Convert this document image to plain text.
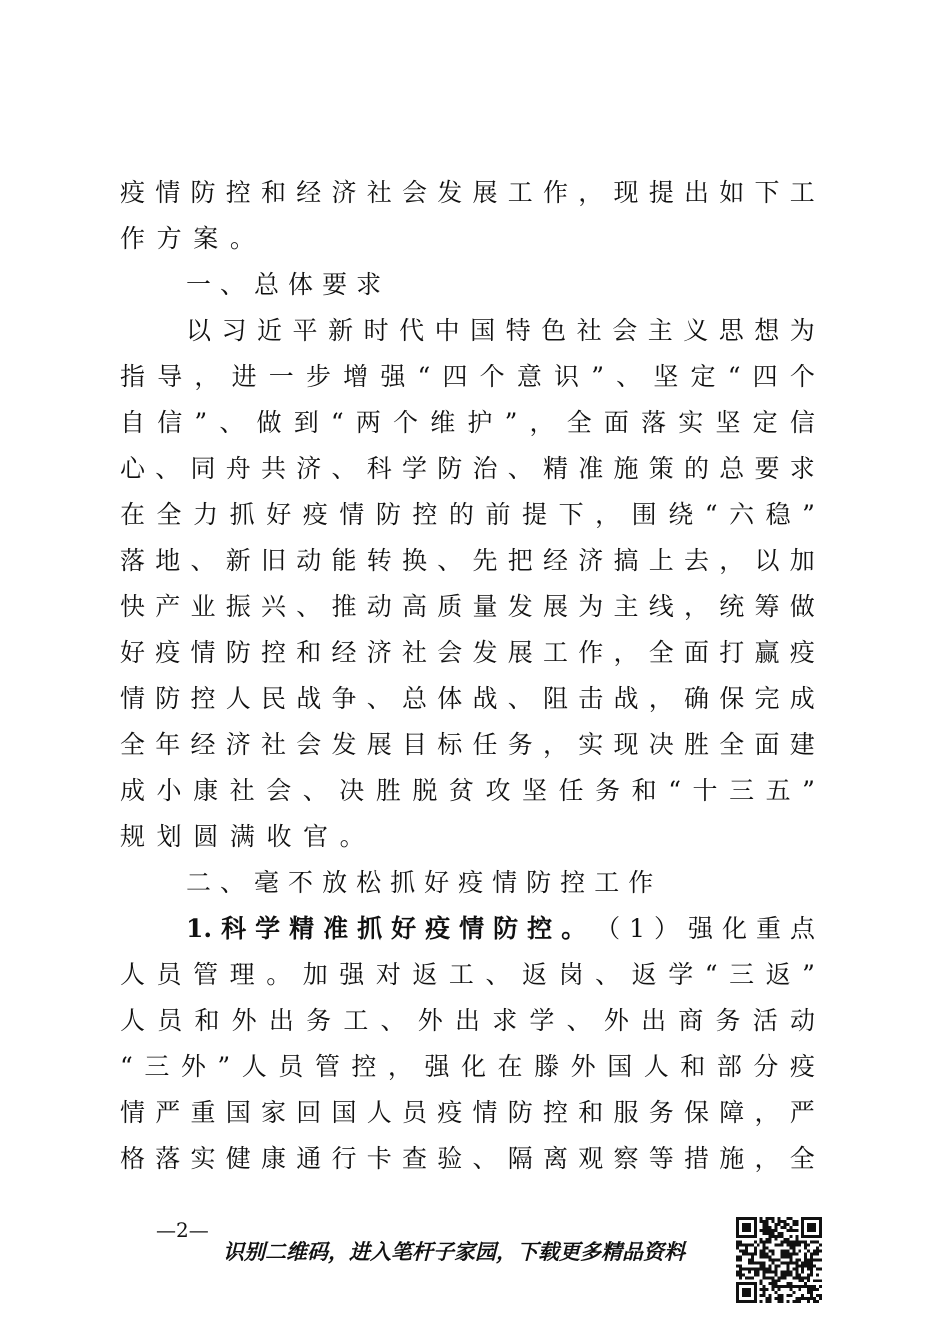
疫 情 防 控 和 经 济 社 会 发 展 工 作 ， 现 提 出 如 下 工
作 方 案 。
一 、 总 体 要 求
以 习 近 平 新 时 代 中 国 特 色 社 会 主 义 思 想 为
指 导 ， 进 一 步 增 强 “ 四 个 意 识 ” 、 坚 定 “ 四 个
自 信 ” 、 做 到 “ 两 个 维 护 ” ， 全 面 落 实 坚 定 信
心 、 同 舟 共 济 、 科 学 防 治 、 精 准 施 策 的 总 要 求
在 全 力 抓 好 疫 情 防 控 的 前 提 下 ， 围 绕 “ 六 稳 ”
落 地 、 新 旧 动 能 转 换 、 先 把 经 济 搞 上 去 ， 以 加
快 产 业 振 兴 、 推 动 高 质 量 发 展 为 主 线 ， 统 筹 做
好 疫 情 防 控 和 经 济 社 会 发 展 工 作 ， 全 面 打 赢 疫
情 防 控 人 民 战 争 、 总 体 战 、 阻 击 战 ， 确 保 完 成
全 年 经 济 社 会 发 展 目 标 任 务 ， 实 现 决 胜 全 面 建
成 小 康 社 会 、 决 胜 脱 贫 攻 坚 任 务 和 “ 十 三 五 ”
规 划 圆 满 收 官 。
二 、 毫 不 放 松 抓 好 疫 情 防 控 工 作
1. 科 学 精 准 抓 好 疫 情 防 控 。 （ 1 ） 强 化 重 点
人 员 管 理 。 加 强 对 返 工 、 返 岗 、 返 学 “ 三 返 ”
人 员 和 外 出 务 工 、 外 出 求 学 、 外 出 商 务 活 动
“ 三 外 ” 人 员 管 控 ， 强 化 在 滕 外 国 人 和 部 分 疫
情 严 重 国 家 回 国 人 员 疫 情 防 控 和 服 务 保 障 ， 严
格 落 实 健 康 通 行 卡 查 验 、 隔 离 观 察 等 措 施 ， 全
—2—
识别二维码，进入笔杆子家园，下载更多精品资料
